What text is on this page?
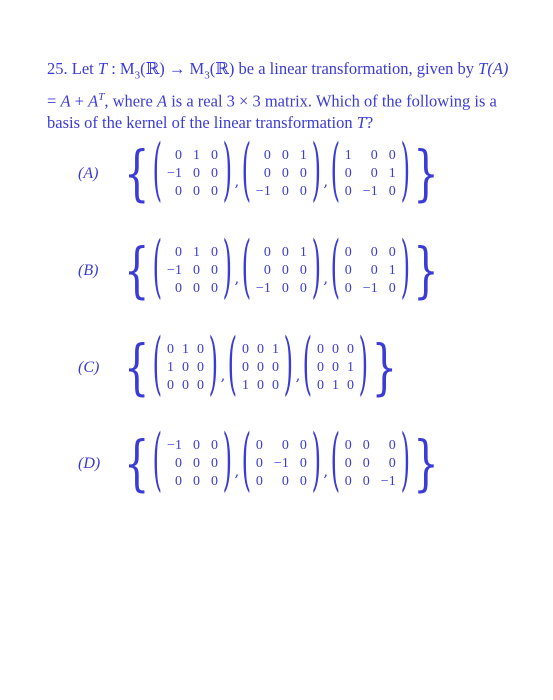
25. Let T : $M_3(ℝ)$ → $M_3(ℝ)$ be a linear transformation, given by $T(A) = A + A^T$, where A is a real 3 × 3 matrix. Which of the following is a basis of the kernel of the linear transformation T?
(A) { ( 0 1 0
−1 0 0
0 0 0 ) , ( 0 0 1
0 0 0
−1 0 0 ) , ( 1 0 0
0 0 1
0 −1 0 ) }
(B) { ( 0 1 0
−1 0 0
0 0 0 ) , ( 0 0 1
0 0 0
−1 0 0 ) , ( 0 0 0
0 0 1
0 −1 0 ) }
(C) { ( 0 1 0
1 0 0
0 0 0 ) , ( 0 0 1
0 0 0
1 0 0 ) , ( 0 0 0
0 0 1
0 1 0 ) }
(D) { ( −1 0 0
0 0 0
0 0 0 ) , ( 0 0 0
0 −1 0
0 0 0 ) , ( 0 0 0
0 0 0
0 0 −1 ) }
